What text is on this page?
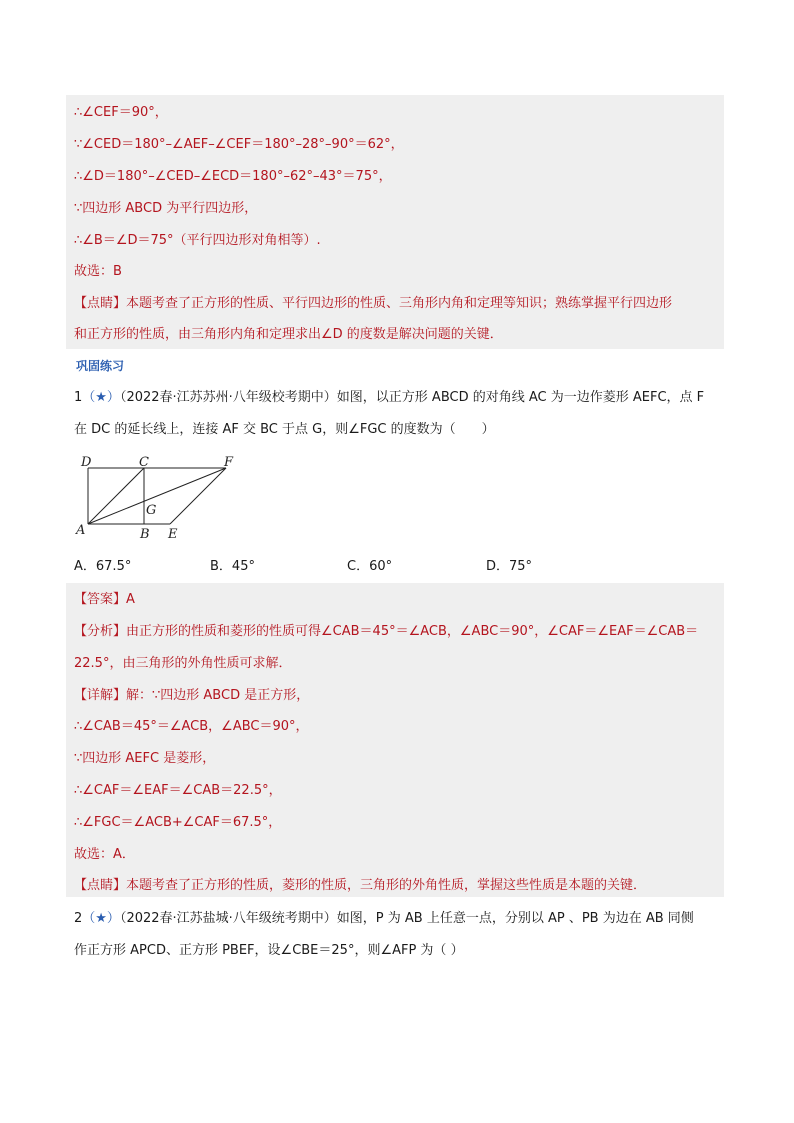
∴∠CEF＝90°，
∵∠CED＝180°–∠AEF–∠CEF＝180°–28°–90°＝62°，
∴∠D＝180°–∠CED–∠ECD＝180°–62°–43°＝75°，
∵四边形 ABCD 为平行四边形，
∴∠B＝∠D＝75°（平行四边形对角相等）.
故选：B
【点睛】本题考查了正方形的性质、平行四边形的性质、三角形内角和定理等知识；熟练掌握平行四边形
和正方形的性质，由三角形内角和定理求出∠D 的度数是解决问题的关键．
巩固练习
1（★）（2022春·江苏苏州·八年级校考期中）如图，以正方形 ABCD 的对角线 AC 为一边作菱形 AEFC，点 F
在 DC 的延长线上，连接 AF 交 BC 于点 G，则∠FGC 的度数为（　　）
D	C	F
G
A	B E
A．67.5°	B．45°	C．60°	D．75°
【答案】A
【分析】由正方形的性质和菱形的性质可得∠CAB＝45°＝∠ACB，∠ABC＝90°，∠CAF＝∠EAF＝∠CAB＝
22.5°，由三角形的外角性质可求解．
【详解】解：∵四边形 ABCD 是正方形，
∴∠CAB＝45°＝∠ACB，∠ABC＝90°，
∵四边形 AEFC 是菱形，
∴∠CAF＝∠EAF＝∠CAB＝22.5°，
∴∠FGC＝∠ACB+∠CAF＝67.5°，
故选：A．
【点睛】本题考查了正方形的性质，菱形的性质，三角形的外角性质，掌握这些性质是本题的关键．
2（★）（2022春·江苏盐城·八年级统考期中）如图，P 为 AB 上任意一点，分别以 AP 、PB 为边在 AB 同侧
作正方形 APCD、正方形 PBEF，设∠CBE＝25°，则∠AFP 为（ ）
